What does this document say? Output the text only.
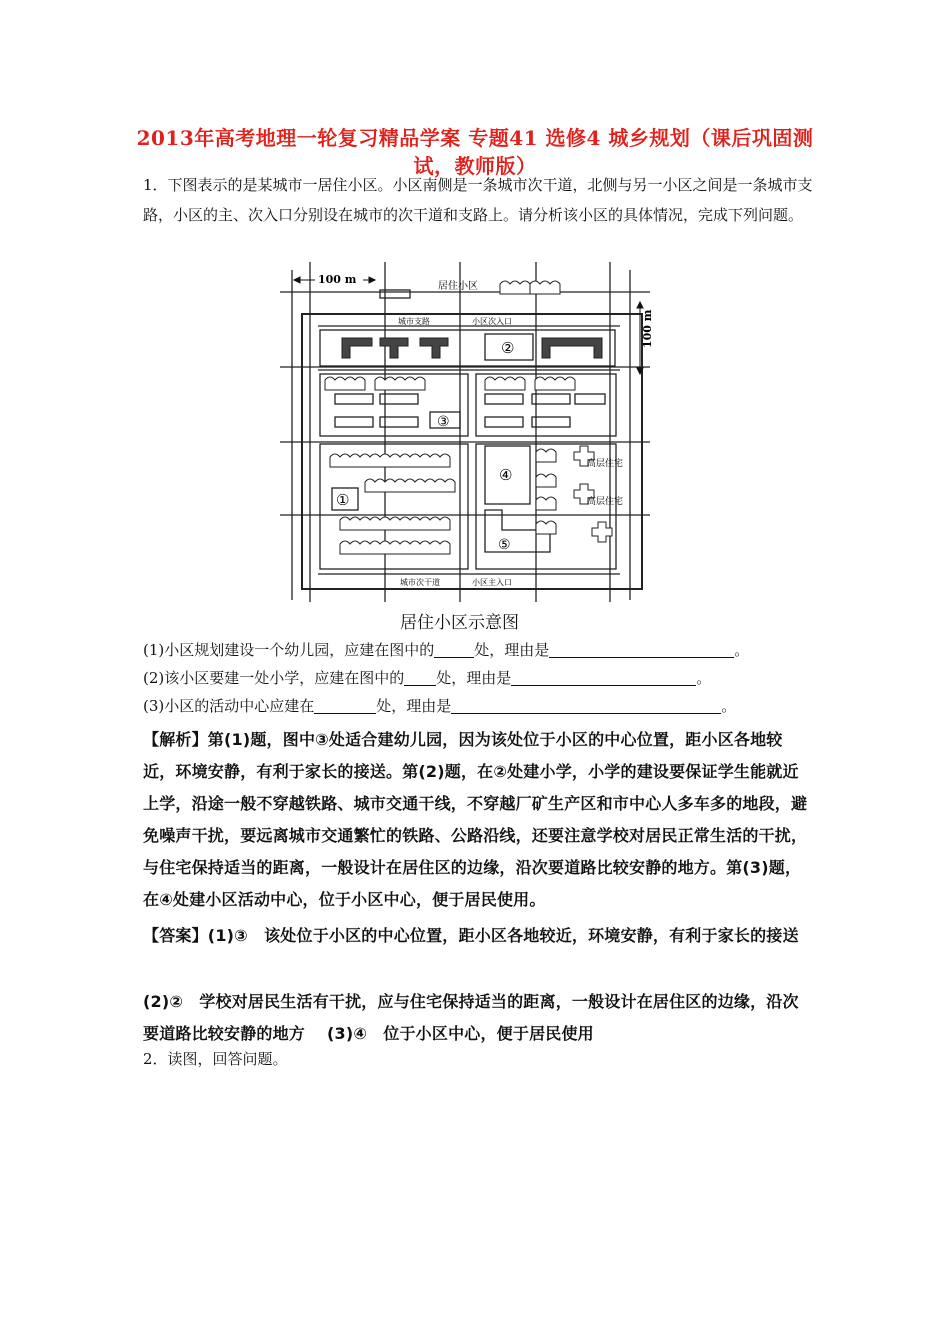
2013年高考地理一轮复习精品学案 专题41 选修4 城乡规划（课后巩固测试，教师版）
1．下图表示的是某城市一居住小区。小区南侧是一条城市次干道，北侧与另一小区之间是一条城市支路，小区的主、次入口分别设在城市的次干道和支路上。请分析该小区的具体情况，完成下列问题。
100 m
100 m
居住小区
城市支路	小区次入口
城市次干道	小区主入口
高层住宅
高层住宅
①
②
③
④
⑤
居住小区示意图
(1)小区规划建设一个幼儿园，应建在图中的	处，理由是	。
(2)该小区要建一处小学，应建在图中的 处，理由是	。
(3)小区的活动中心应建在	处，理由是	。
【解析】第(1)题，图中③处适合建幼儿园，因为该处位于小区的中心位置，距小区各地较近，环境安静，有利于家长的接送。第(2)题，在②处建小学，小学的建设要保证学生能就近上学，沿途一般不穿越铁路、城市交通干线，不穿越厂矿生产区和市中心人多车多的地段，避免噪声干扰，要远离城市交通繁忙的铁路、公路沿线，还要注意学校对居民正常生活的干扰，与住宅保持适当的距离，一般设计在居住区的边缘，沿次要道路比较安静的地方。第(3)题，在④处建小区活动中心，位于小区中心，便于居民使用。
【答案】(1)③　该处位于小区的中心位置，距小区各地较近，环境安静，有利于家长的接送
(2)②　学校对居民生活有干扰，应与住宅保持适当的距离，一般设计在居住区的边缘，沿次要道路比较安静的地方　 (3)④　位于小区中心，便于居民使用
2．读图，回答问题。
